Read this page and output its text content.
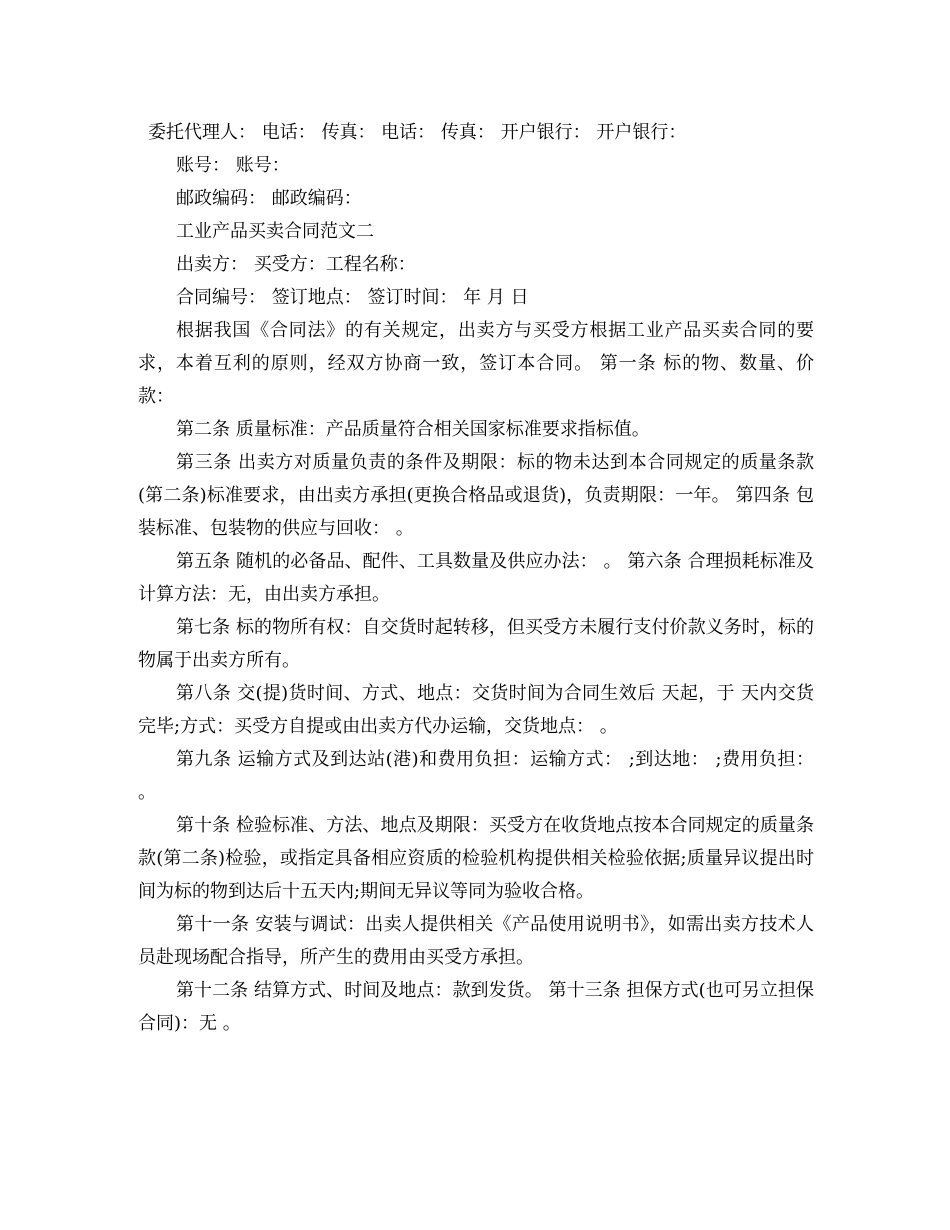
委托代理人： 电话： 传真： 电话： 传真： 开户银行： 开户银行：

账号： 账号：

邮政编码： 邮政编码：

工业产品买卖合同范文二

出卖方： 买受方：工程名称：

合同编号： 签订地点： 签订时间： 年 月 日

根据我国《合同法》的有关规定，出卖方与买受方根据工业产品买卖合同的要求，本着互利的原则，经双方协商一致，签订本合同。 第一条 标的物、数量、价款：

第二条 质量标准：产品质量符合相关国家标准要求指标值。

第三条 出卖方对质量负责的条件及期限：标的物未达到本合同规定的质量条款(第二条)标准要求，由出卖方承担(更换合格品或退货)，负责期限：一年。 第四条 包装标准、包装物的供应与回收： 。

第五条 随机的必备品、配件、工具数量及供应办法： 。 第六条 合理损耗标准及计算方法：无，由出卖方承担。

第七条 标的物所有权：自交货时起转移，但买受方未履行支付价款义务时，标的物属于出卖方所有。

第八条 交(提)货时间、方式、地点：交货时间为合同生效后 天起，于 天内交货完毕;方式：买受方自提或由出卖方代办运输，交货地点： 。

第九条 运输方式及到达站(港)和费用负担：运输方式： ;到达地： ;费用负担： 。

第十条 检验标准、方法、地点及期限：买受方在收货地点按本合同规定的质量条款(第二条)检验，或指定具备相应资质的检验机构提供相关检验依据;质量异议提出时间为标的物到达后十五天内;期间无异议等同为验收合格。

第十一条 安装与调试：出卖人提供相关《产品使用说明书》，如需出卖方技术人员赴现场配合指导，所产生的费用由买受方承担。

第十二条 结算方式、时间及地点：款到发货。 第十三条 担保方式(也可另立担保合同)：无 。
